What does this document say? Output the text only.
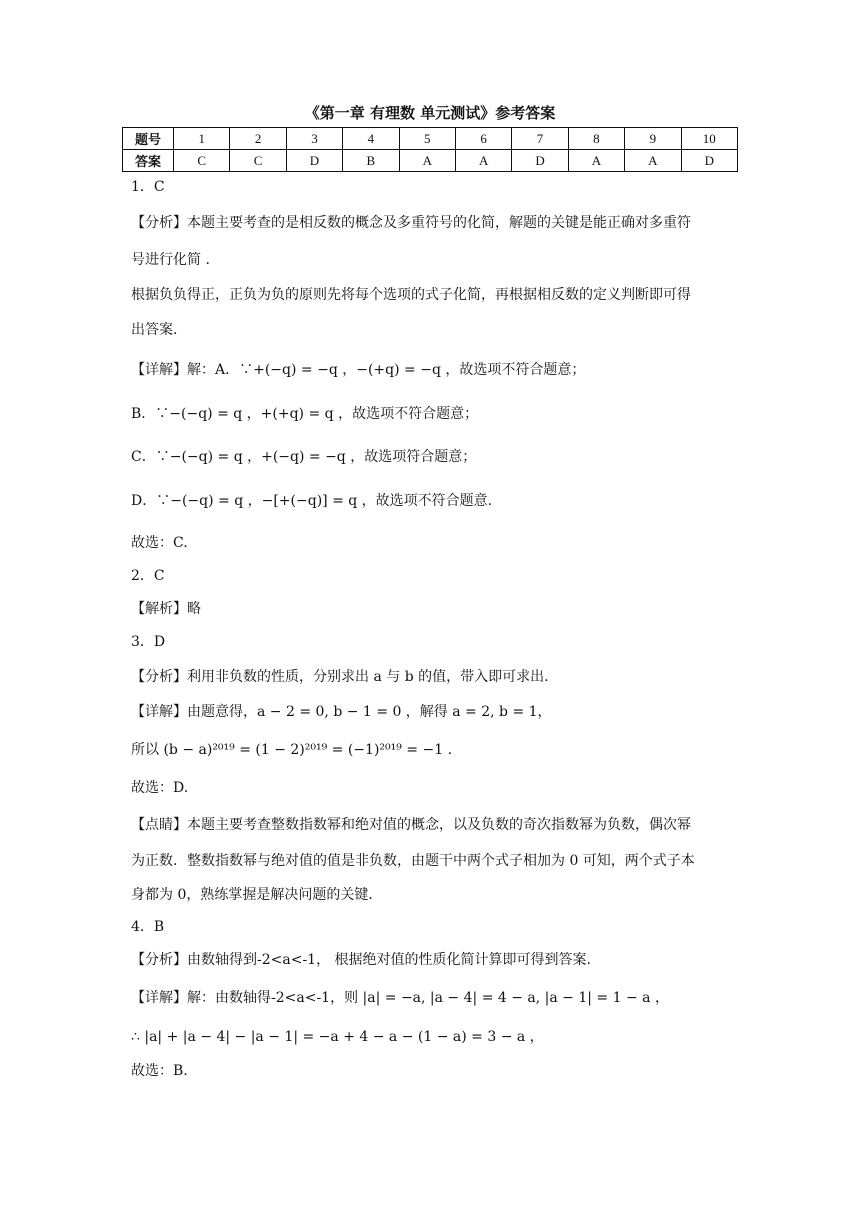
《第一章 有理数 单元测试》参考答案
题号	1	2	3	4	5	6	7	8	9	10
答案	C	C	D	B	A	A	D	A	A	D
1．C
【分析】本题主要考查的是相反数的概念及多重符号的化简，解题的关键是能正确对多重符
号进行化简 .
根据负负得正，正负为负的原则先将每个选项的式子化简，再根据相反数的定义判断即可得
出答案.
【详解】解：A．∵+(−q) = −q ，−(+q) = −q ，故选项不符合题意；
B．∵−(−q) = q ，+(+q) = q ，故选项不符合题意；
C．∵−(−q) = q ，+(−q) = −q ，故选项符合题意；
D．∵−(−q) = q ，−[+(−q)] = q ，故选项不符合题意.
故选：C.
2．C
【解析】略
3．D
【分析】利用非负数的性质，分别求出 a 与 b 的值，带入即可求出.
【详解】由题意得，a − 2 = 0, b − 1 = 0 ，解得 a = 2, b = 1，
所以 (b − a)²⁰¹⁹ = (1 − 2)²⁰¹⁹ = (−1)²⁰¹⁹ = −1 .
故选：D.
【点睛】本题主要考查整数指数幂和绝对值的概念，以及负数的奇次指数幂为负数，偶次幂
为正数．整数指数幂与绝对值的值是非负数，由题干中两个式子相加为 0 可知，两个式子本
身都为 0，熟练掌握是解决问题的关键.
4．B
【分析】由数轴得到-2<a<-1， 根据绝对值的性质化简计算即可得到答案.
【详解】解：由数轴得-2<a<-1，则 |a| = −a, |a − 4| = 4 − a, |a − 1| = 1 − a ，
∴ |a| + |a − 4| − |a − 1| = −a + 4 − a − (1 − a) = 3 − a ，
故选：B.
